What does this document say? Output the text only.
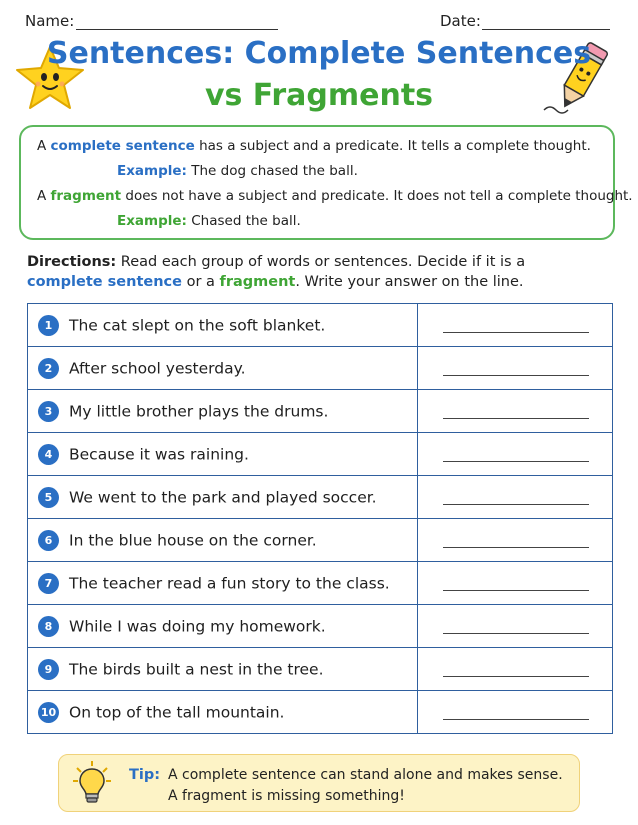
Name:	Date:
Sentences: Complete Sentences
vs Fragments
A complete sentence has a subject and a predicate. It tells a complete thought.
Example: The dog chased the ball.
A fragment does not have a subject and predicate. It does not tell a complete thought.
Example: Chased the ball.
Directions: Read each group of words or sentences. Decide if it is a
complete sentence or a fragment. Write your answer on the line.
1 The cat slept on the soft blanket.	

2 After school yesterday.	

3 My little brother plays the drums.	

4 Because it was raining.	

5 We went to the park and played soccer.	

6 In the blue house on the corner.	

7 The teacher read a fun story to the class.	

8 While I was doing my homework.	

9 The birds built a nest in the tree.	

10 On top of the tall mountain.	
Tip: A complete sentence can stand alone and makes sense.
A fragment is missing something!
